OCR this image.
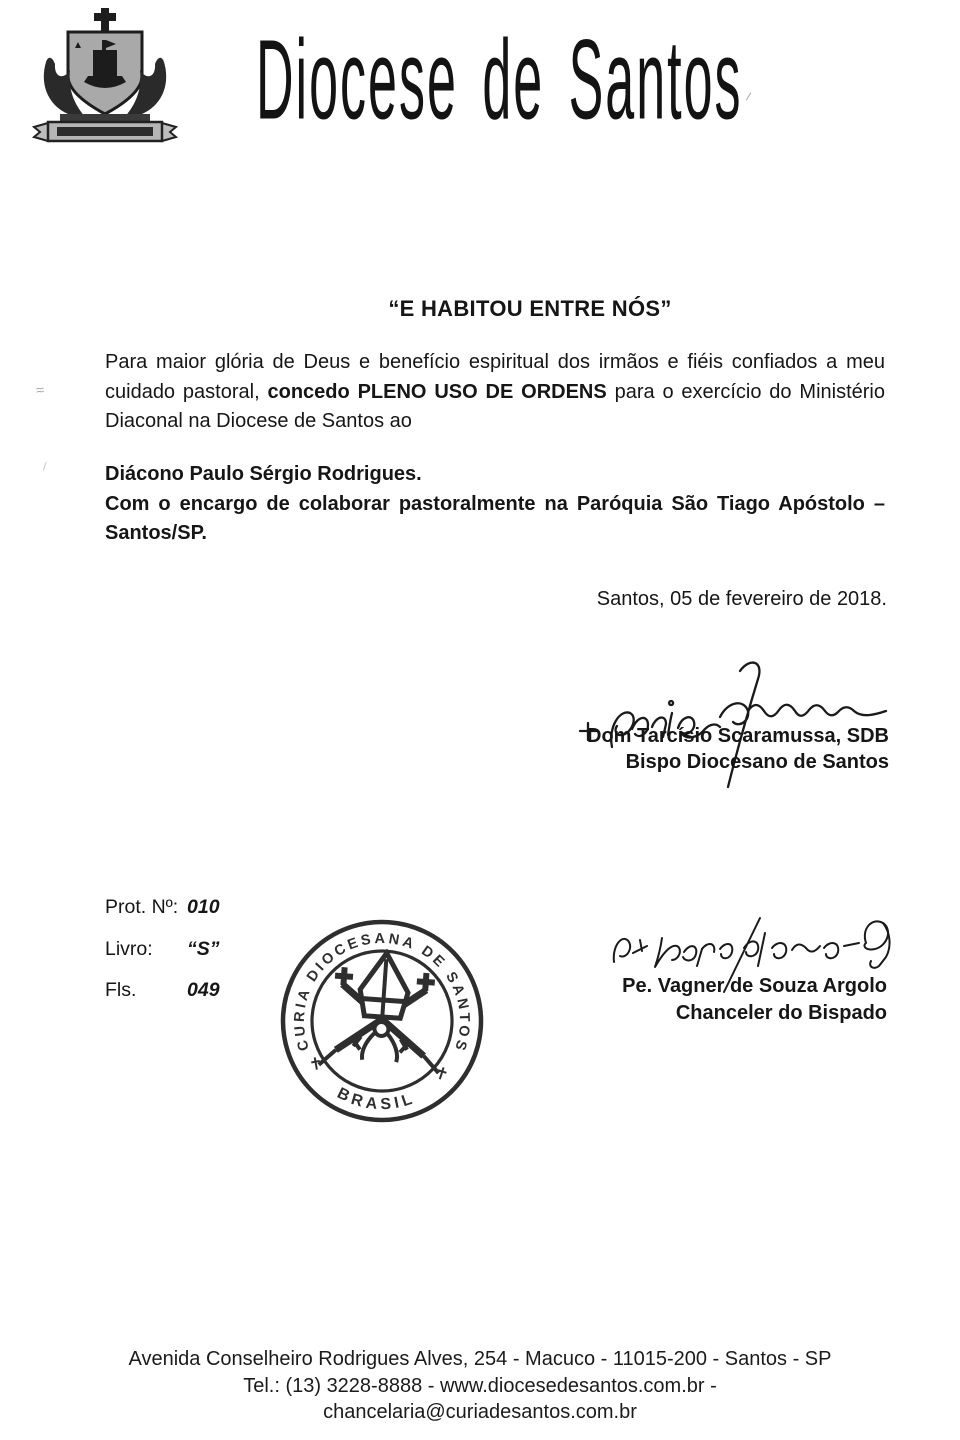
Diocese de Santos
“E HABITOU ENTRE NÓS”
Para maior glória de Deus e benefício espiritual dos irmãos e fiéis confiados a meu cuidado pastoral, concedo PLENO USO DE ORDENS para o exercício do Ministério Diaconal na Diocese de Santos ao
Diácono Paulo Sérgio Rodrigues.
Com o encargo de colaborar pastoralmente na Paróquia São Tiago Apóstolo – Santos/SP.
Santos, 05 de fevereiro de 2018.
Dom Tarcísio Scaramussa, SDB
Bispo Diocesano de Santos
Prot. Nº: 010
Livro:	“S”
Fls.	049
CURIA DIOCESANA DE SANTOS
BRASIL
✝	✝
Pe. Vagner de Souza Argolo
Chanceler do Bispado
Avenida Conselheiro Rodrigues Alves, 254 - Macuco - 11015-200 - Santos - SP
Tel.: (13) 3228-8888 - www.diocesedesantos.com.br -
chancelaria@curiadesantos.com.br
≈
